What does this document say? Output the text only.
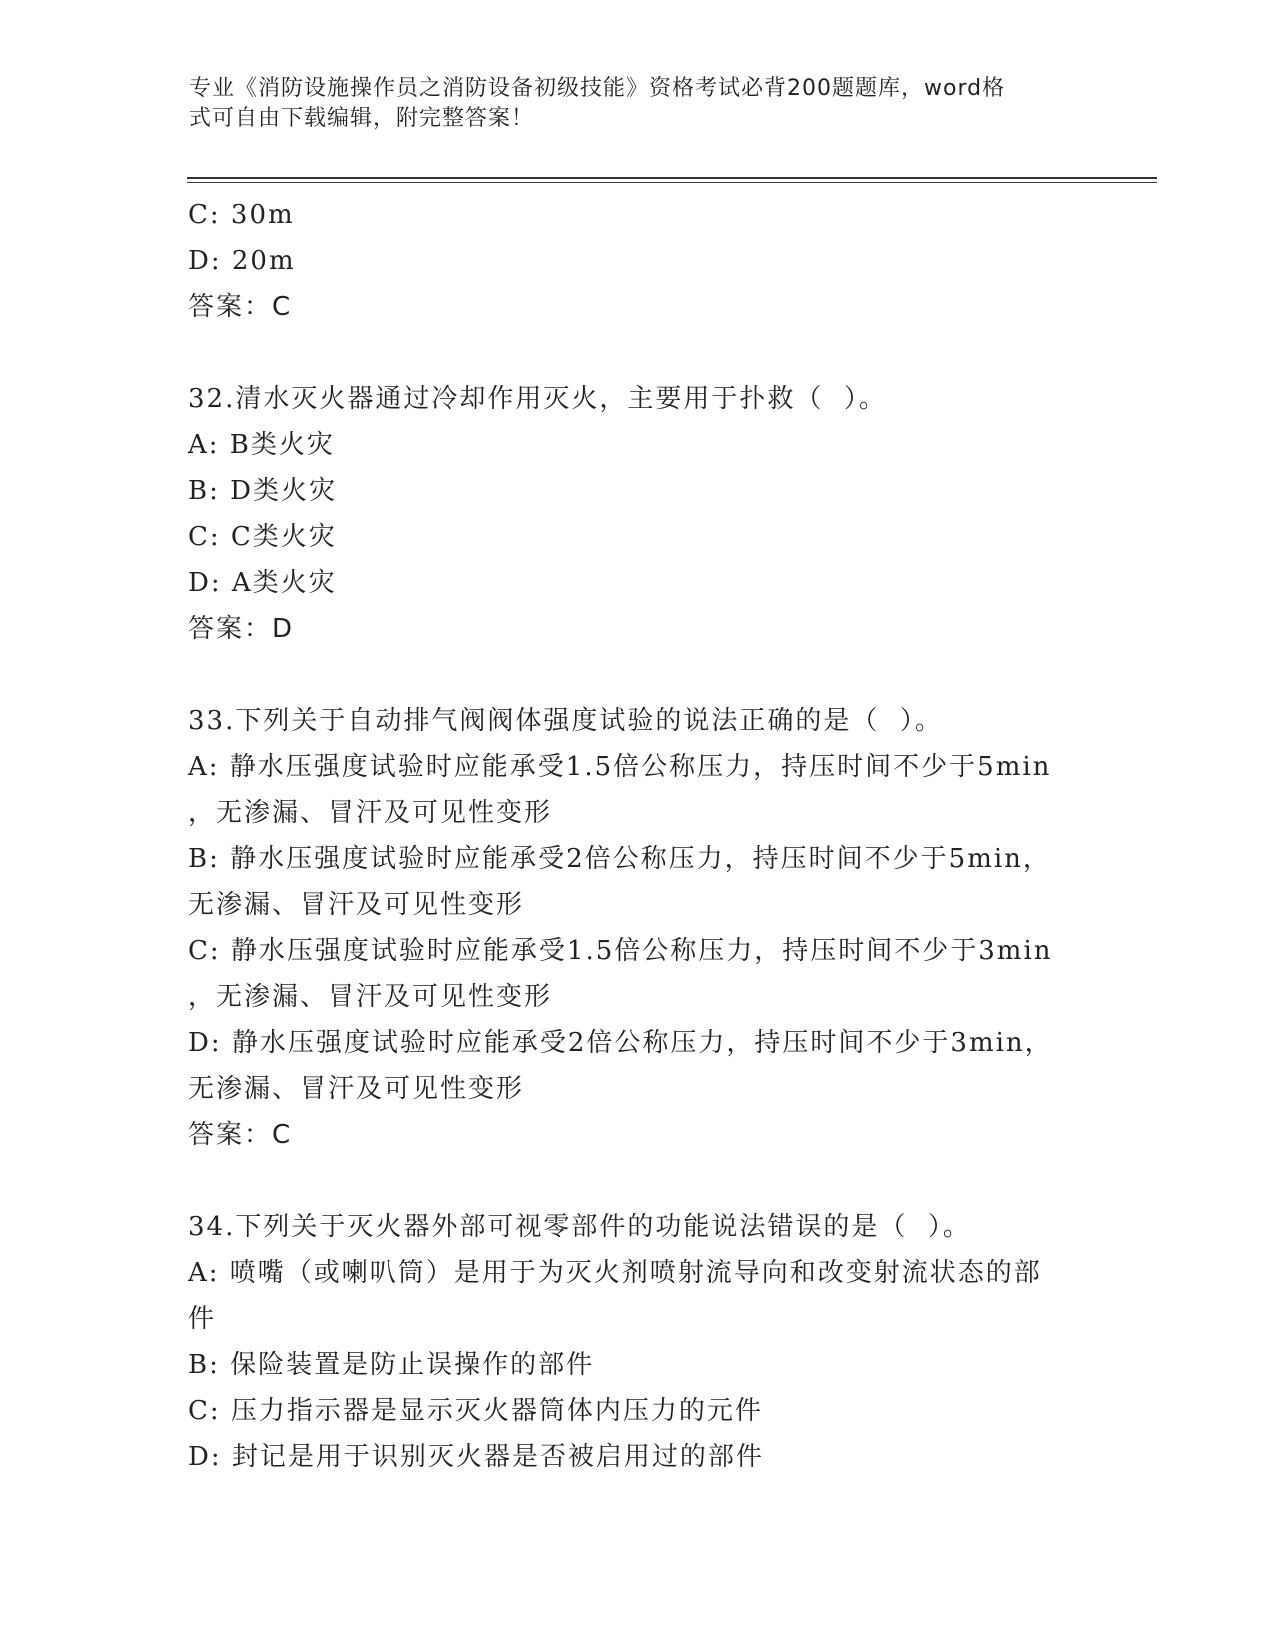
专业《消防设施操作员之消防设备初级技能》资格考试必背200题题库，word格
式可自由下载编辑，附完整答案！

C: 30m

D: 20m

答案：C

32.清水灭火器通过冷却作用灭火，主要用于扑救（  ）。

A: B类火灾

B: D类火灾

C: C类火灾

D: A类火灾

答案：D

33.下列关于自动排气阀阀体强度试验的说法正确的是（  ）。

A: 静水压强度试验时应能承受1.5倍公称压力，持压时间不少于5min

，无渗漏、冒汗及可见性变形

B: 静水压强度试验时应能承受2倍公称压力，持压时间不少于5min，

无渗漏、冒汗及可见性变形

C: 静水压强度试验时应能承受1.5倍公称压力，持压时间不少于3min

，无渗漏、冒汗及可见性变形

D: 静水压强度试验时应能承受2倍公称压力，持压时间不少于3min，

无渗漏、冒汗及可见性变形

答案：C

34.下列关于灭火器外部可视零部件的功能说法错误的是（  ）。

A: 喷嘴（或喇叭筒）是用于为灭火剂喷射流导向和改变射流状态的部

件

B: 保险装置是防止误操作的部件

C: 压力指示器是显示灭火器筒体内压力的元件

D: 封记是用于识别灭火器是否被启用过的部件
